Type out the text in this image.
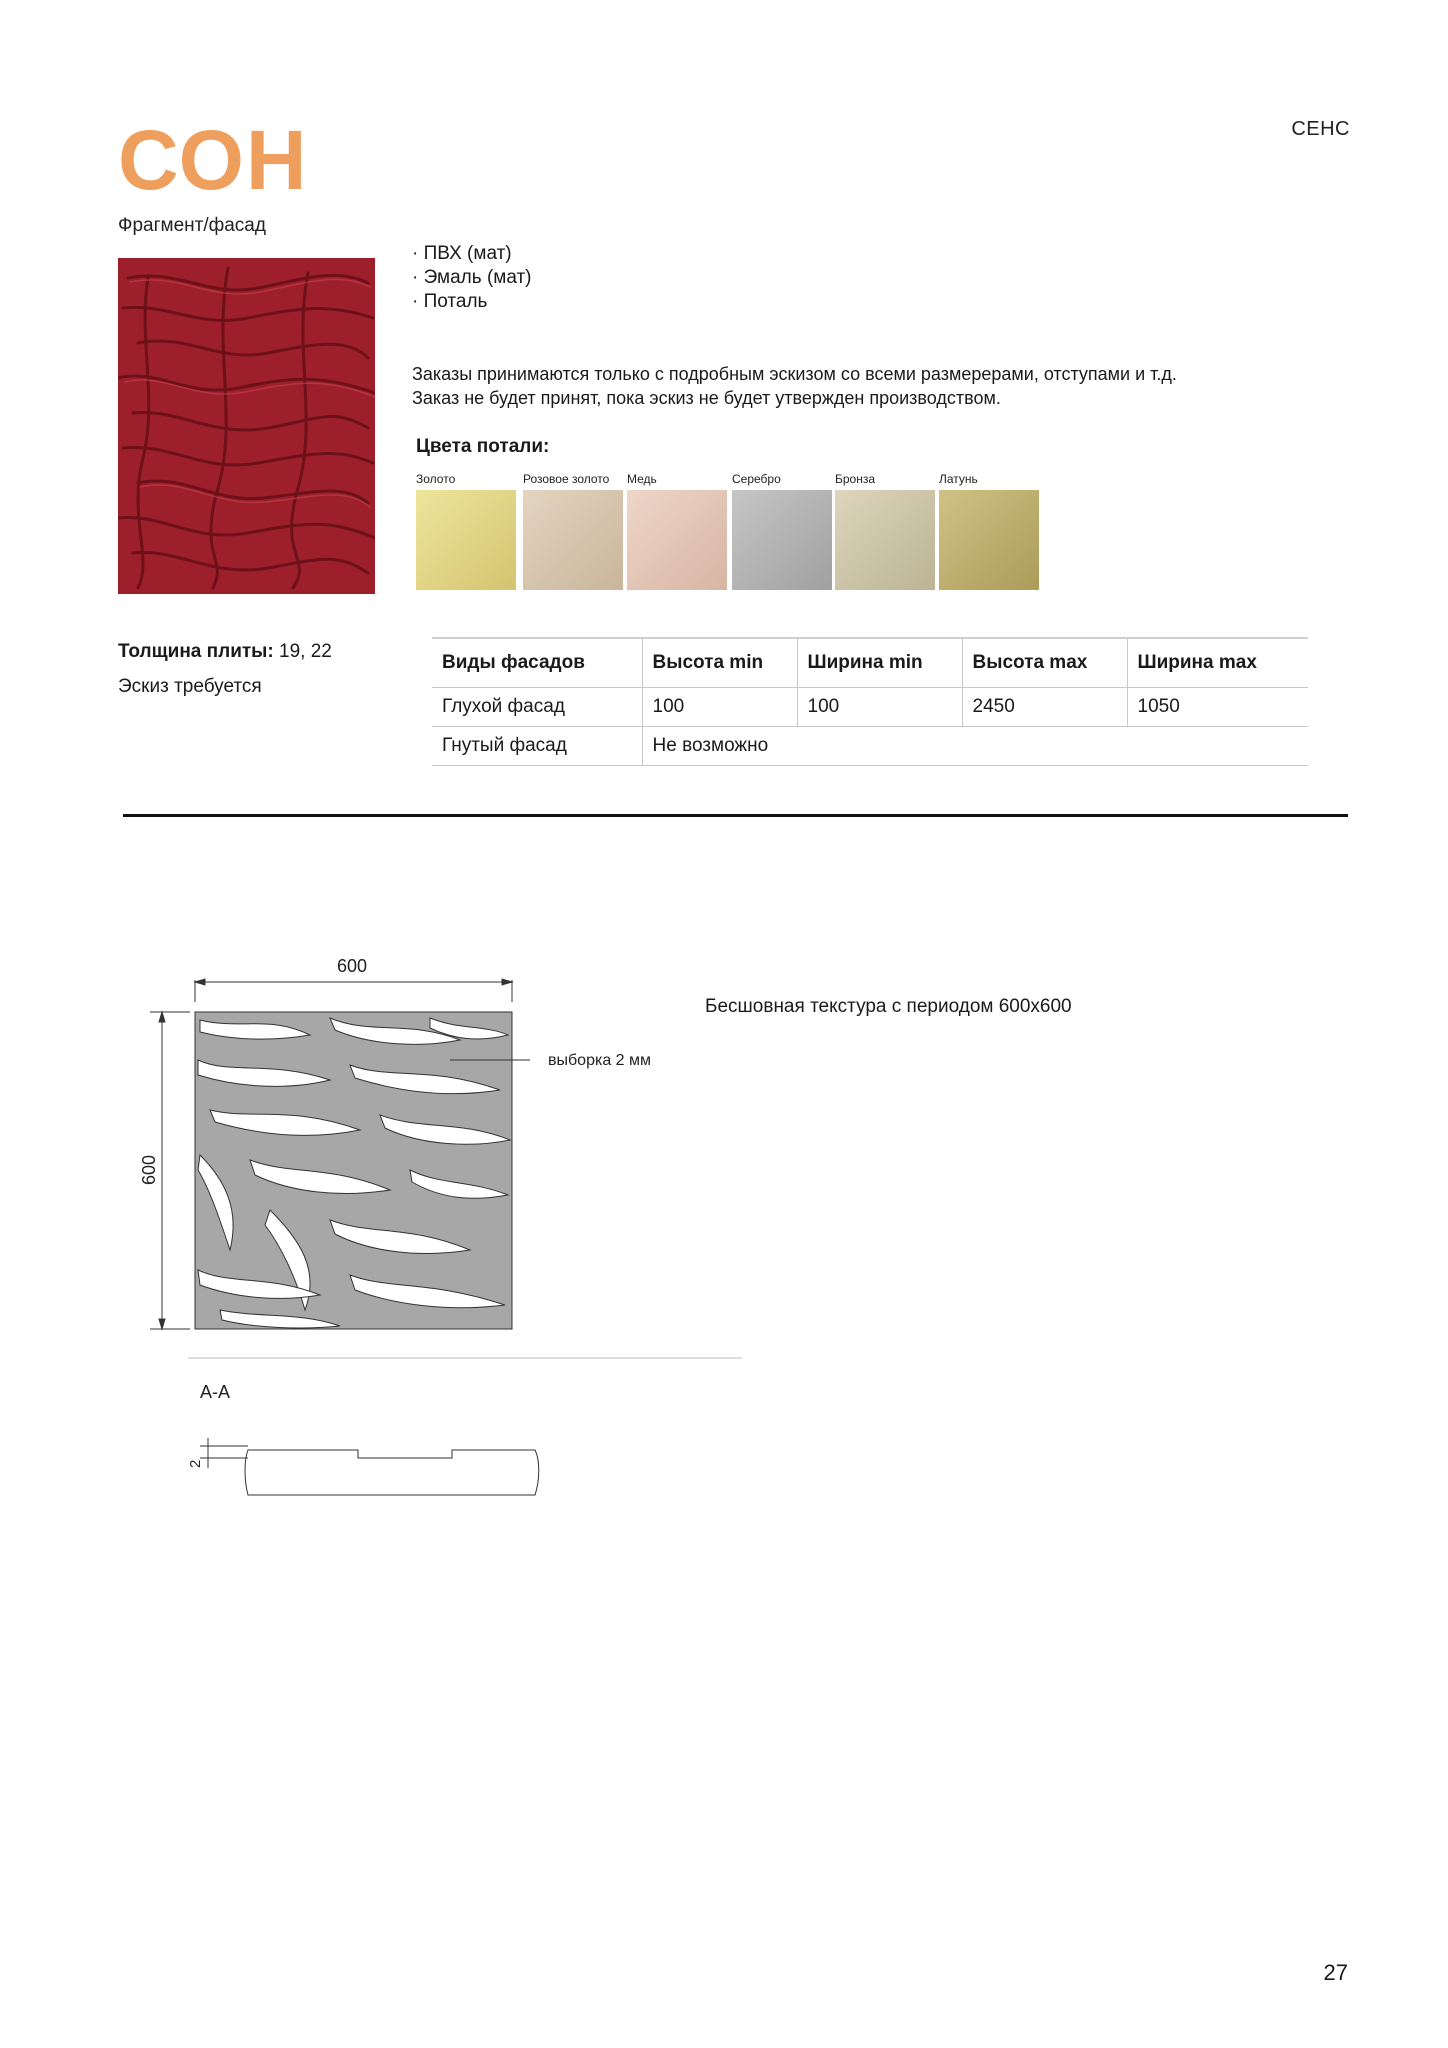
СЕНС
СОН
Фрагмент/фасад
· ПВХ (мат)
· Эмаль (мат)
· Поталь
Заказы принимаются только с подробным эскизом со всеми размерерами, отступами и т.д.
Заказ не будет принят, пока эскиз не будет утвержден производством.
Цвета потали:
Золото	Розовое золото	Медь	Серебро	Бронза	Латунь
Толщина плиты: 19, 22
Эскиз требуется
Виды фасадов	Высота min	Ширина min	Высота max	Ширина max
Глухой фасад	100	100	2450	1050
Гнутый фасад	Не возможно			
600
600
выборка 2 мм
A-A
2
Бесшовная текстура с периодом 600х600
27
